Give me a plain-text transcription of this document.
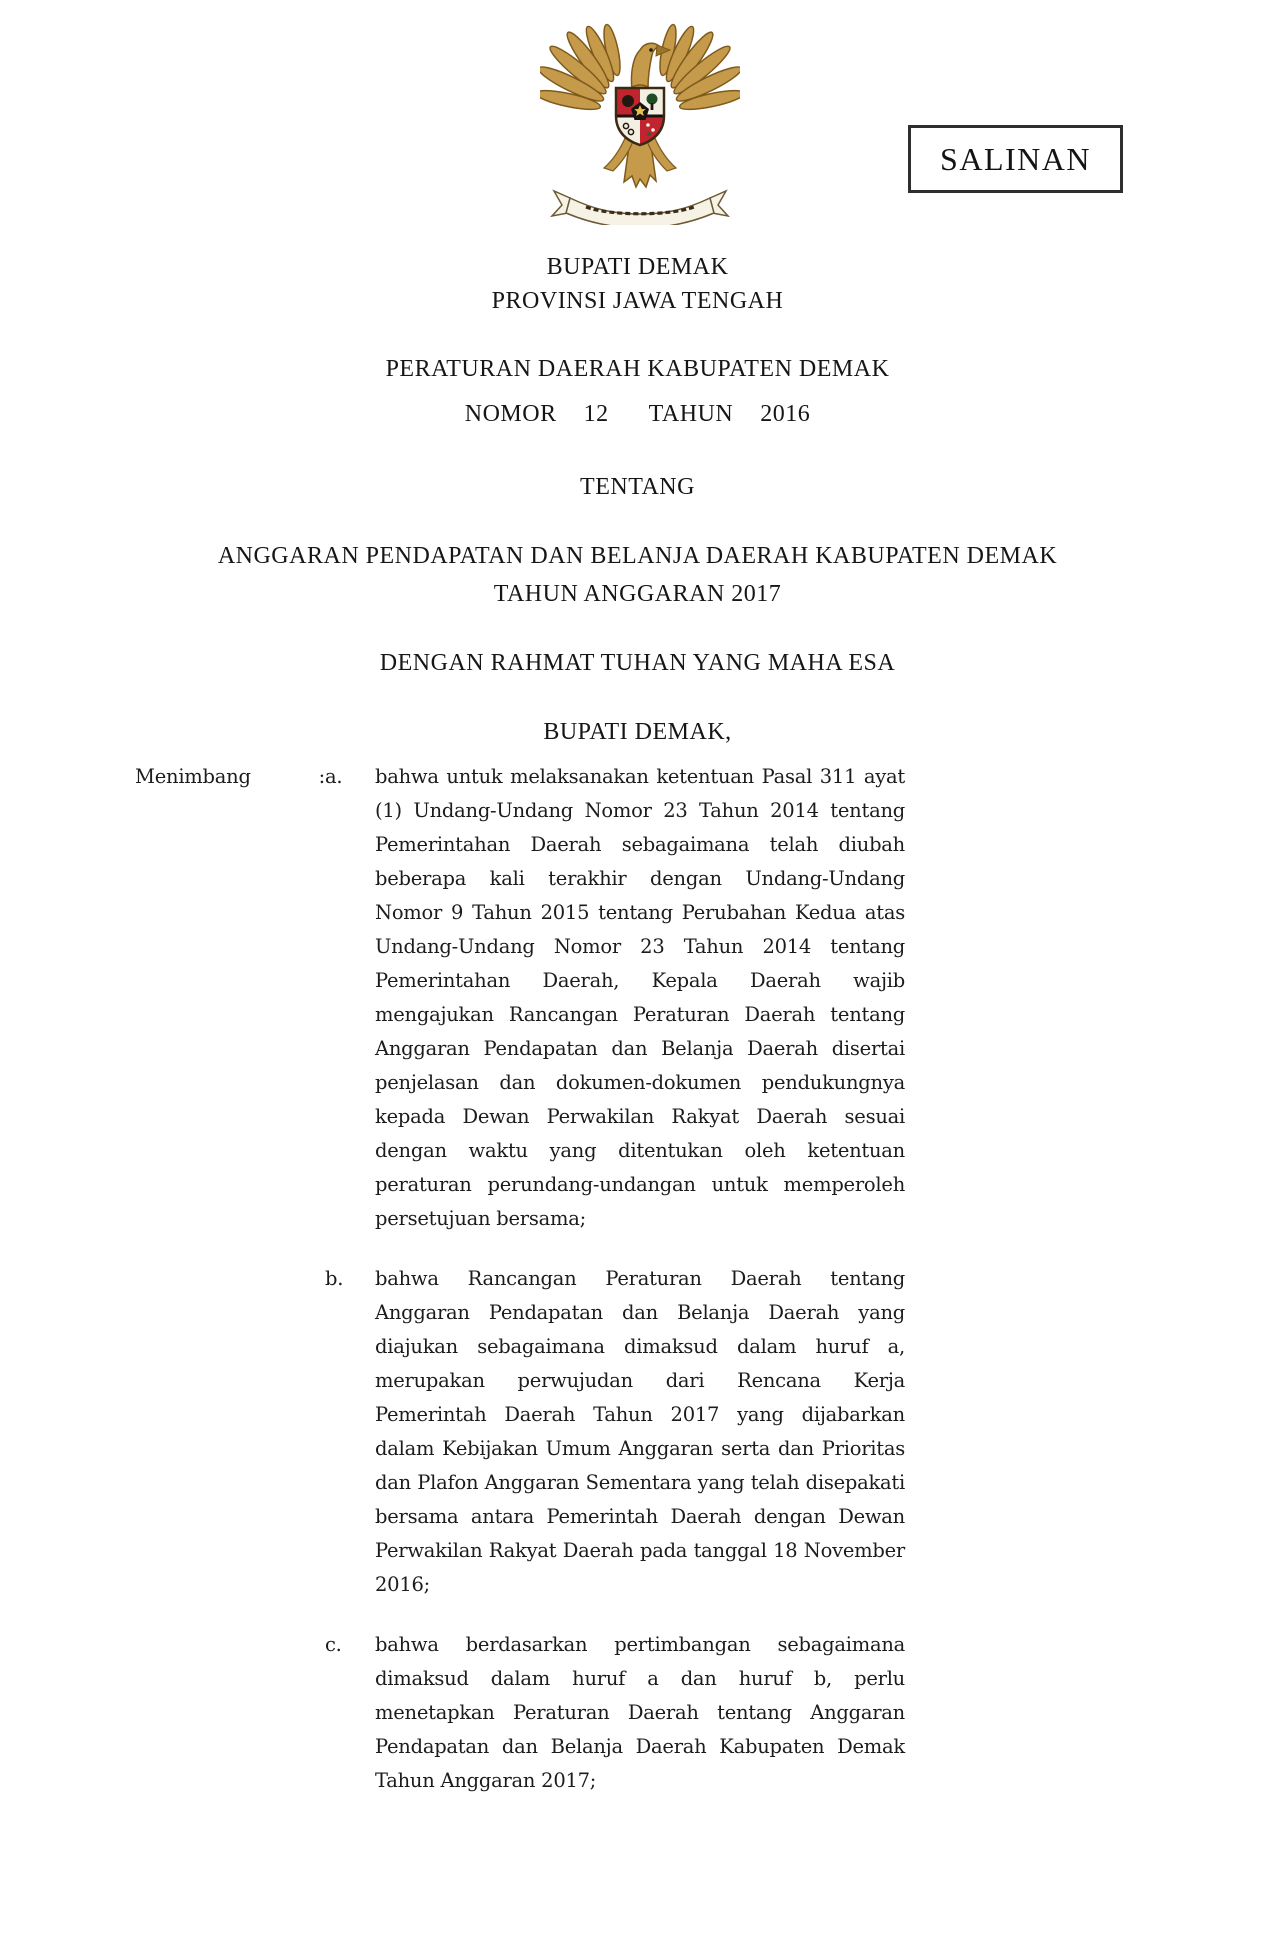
SALINAN
BUPATI DEMAK
PROVINSI JAWA TENGAH
PERATURAN DAERAH KABUPATEN DEMAK
NOMOR  12   TAHUN  2016
TENTANG
ANGGARAN PENDAPATAN DAN BELANJA DAERAH KABUPATEN DEMAK
TAHUN ANGGARAN 2017
DENGAN RAHMAT TUHAN YANG MAHA ESA
BUPATI DEMAK,
Menimbang	: a.	bahwa untuk melaksanakan ketentuan Pasal 311 ayat (1) Undang-Undang Nomor 23 Tahun 2014 tentang Pemerintahan Daerah sebagaimana telah diubah beberapa kali terakhir dengan Undang-Undang Nomor 9 Tahun 2015 tentang Perubahan Kedua atas Undang-Undang Nomor 23 Tahun 2014 tentang Pemerintahan Daerah, Kepala Daerah wajib mengajukan Rancangan Peraturan Daerah tentang Anggaran Pendapatan dan Belanja Daerah disertai penjelasan dan dokumen-dokumen pendukungnya kepada Dewan Perwakilan Rakyat Daerah sesuai dengan waktu yang ditentukan oleh ketentuan peraturan perundang-undangan untuk memperoleh persetujuan bersama;
b.	bahwa Rancangan Peraturan Daerah tentang Anggaran Pendapatan dan Belanja Daerah yang diajukan sebagaimana dimaksud dalam huruf a, merupakan perwujudan dari Rencana Kerja Pemerintah Daerah Tahun 2017 yang dijabarkan dalam Kebijakan Umum Anggaran serta dan Prioritas dan Plafon Anggaran Sementara yang telah disepakati bersama antara Pemerintah Daerah dengan Dewan Perwakilan Rakyat Daerah pada tanggal 18 November 2016;
c.	bahwa berdasarkan pertimbangan sebagaimana dimaksud dalam huruf a dan huruf b, perlu menetapkan Peraturan Daerah tentang Anggaran Pendapatan dan Belanja Daerah Kabupaten Demak Tahun Anggaran 2017;
